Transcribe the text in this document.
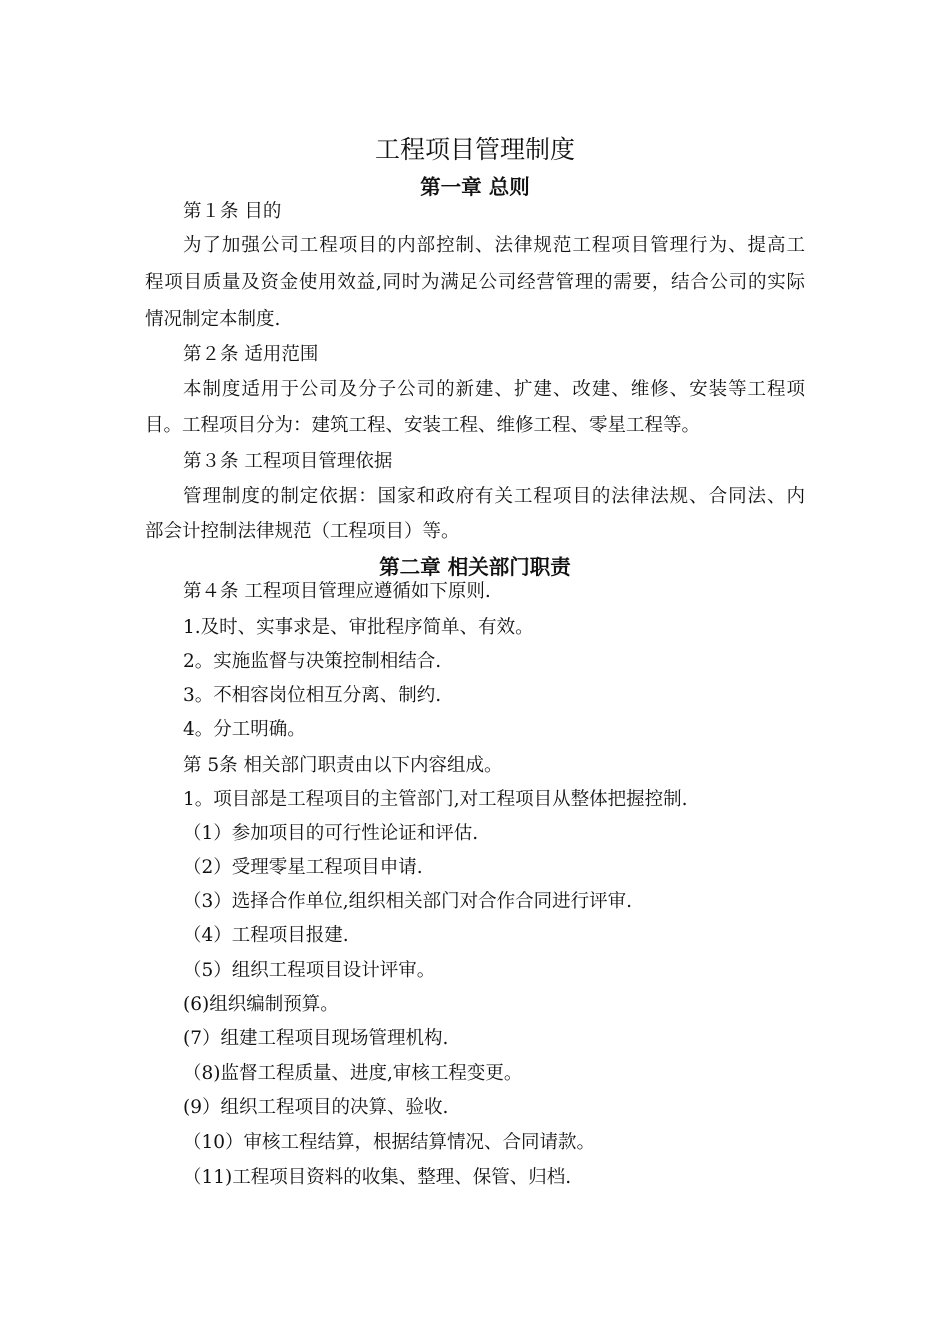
工程项目管理制度
第一章 总则

第１条 目的

为了加强公司工程项目的内部控制、法律规范工程项目管理行为、提高工

程项目质量及资金使用效益,同时为满足公司经营管理的需要，结合公司的实际

情况制定本制度.

第２条 适用范围

本制度适用于公司及分子公司的新建、扩建、改建、维修、安装等工程项

目。工程项目分为：建筑工程、安装工程、维修工程、零星工程等。

第３条 工程项目管理依据

管理制度的制定依据：国家和政府有关工程项目的法律法规、合同法、内

部会计控制法律规范（工程项目）等。

第二章 相关部门职责

第４条 工程项目管理应遵循如下原则.

1.及时、实事求是、审批程序简单、有效。

2。实施监督与决策控制相结合.

3。不相容岗位相互分离、制约.

4。分工明确。

第 5条 相关部门职责由以下内容组成。

1。项目部是工程项目的主管部门,对工程项目从整体把握控制.

（1）参加项目的可行性论证和评估.

（2）受理零星工程项目申请.

（3）选择合作单位,组织相关部门对合作合同进行评审.

（4）工程项目报建.

（5）组织工程项目设计评审。

(6)组织编制预算。

(7）组建工程项目现场管理机构.

（8)监督工程质量、进度,审核工程变更。

(9）组织工程项目的决算、验收.

（10）审核工程结算，根据结算情况、合同请款。

（11)工程项目资料的收集、整理、保管、归档.
